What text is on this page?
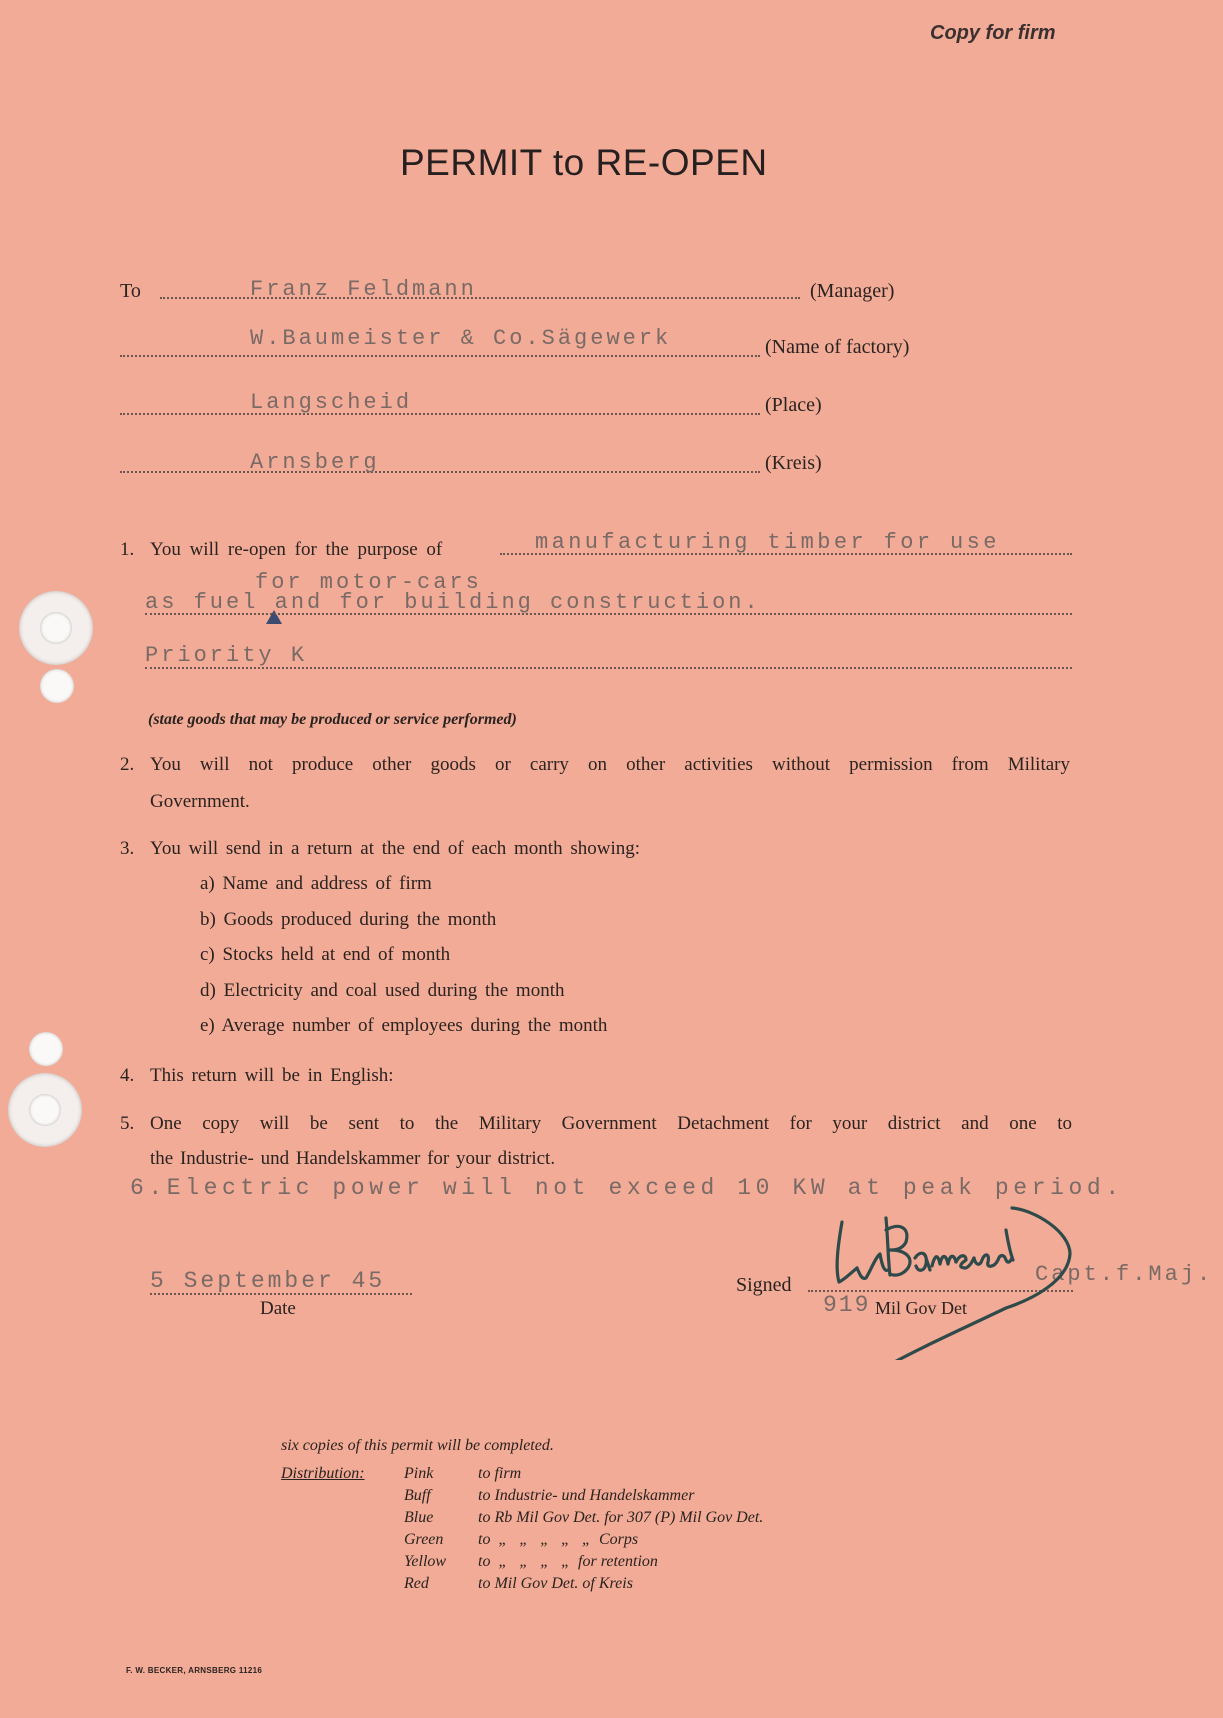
Copy for firm
PERMIT to RE-OPEN
To	Franz Feldmann	(Manager)
W.Baumeister & Co.Sägewerk	(Name of factory)
Langscheid	(Place)
Arnsberg	(Kreis)
1. You will re-open for the purpose of	manufacturing timber for use
for motor-cars
as fuel and for building construction.
Priority K
(state goods that may be produced or service performed)
2. You will not produce other goods or carry on other activities without permission from Military
Government.
3. You will send in a return at the end of each month showing:
a) Name and address of firm
b) Goods produced during the month
c) Stocks held at end of month
d) Electricity and coal used during the month
e) Average number of employees during the month
4. This return will be in English:
5. One copy will be sent to the Military Government Detachment for your district and one to
the Industrie- und Handelskammer for your district.
6.Electric power will not exceed 10 KW at peak period.
5 September 45
Date
Signed	Capt.f.Maj.
919 Mil Gov Det
six copies of this permit will be completed.
Distribution: Pink	to firm
Buff	to Industrie- und Handelskammer
Blue	to Rb Mil Gov Det. for 307 (P) Mil Gov Det.
Green	to  „   „   „   „   „  Corps
Yellow	to  „   „   „   „  for retention
Red	to Mil Gov Det. of Kreis
F. W. BECKER, ARNSBERG 11216
